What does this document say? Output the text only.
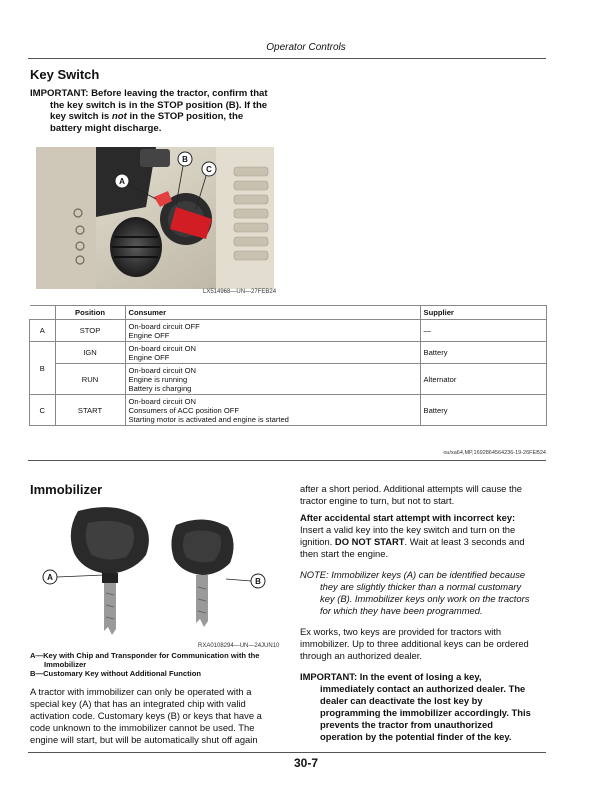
Operator Controls
Key Switch
IMPORTANT: Before leaving the tractor, confirm that
the key switch is in the STOP position (B). If the
key switch is not in the STOP position, the
battery might discharge.
A
B
C
LX514968—UN—27FEB24
	Position	Consumer	Supplier
A	STOP	On-board circuit OFF
Engine OFF	—
B	IGN	On-board circuit ON
Engine OFF	Battery
	RUN	On-board circuit ON
Engine is running
Battery is charging	Alternator
C	START	On-board circuit ON
Consumers of ACC position OFF
Starting motor is activated and engine is started	Battery
ou/xa64,MP,1692864564236-19-26FEB24
Immobilizer
A	B
RXA0108294—UN—24JUN10
A—Key with Chip and Transponder for Communication with the
Immobilizer
B—Customary Key without Additional Function
A tractor with immobilizer can only be operated with a
special key (A) that has an integrated chip with valid
activation code. Customary keys (B) or keys that have a
code unknown to the immobilizer cannot be used. The
engine will start, but will be automatically shut off again
after a short period. Additional attempts will cause the
tractor engine to turn, but not to start.
After accidental start attempt with incorrect key:
Insert a valid key into the key switch and turn on the
ignition. DO NOT START. Wait at least 3 seconds and
then start the engine.
NOTE: Immobilizer keys (A) can be identified because
they are slightly thicker than a normal customary
key (B). Immobilizer keys only work on the tractors
for which they have been programmed.
Ex works, two keys are provided for tractors with
immobilizer. Up to three additional keys can be ordered
through an authorized dealer.
IMPORTANT: In the event of losing a key,
immediately contact an authorized dealer. The
dealer can deactivate the lost key by
programming the immobilizer accordingly. This
prevents the tractor from unauthorized
operation by the potential finder of the key.
30-7
